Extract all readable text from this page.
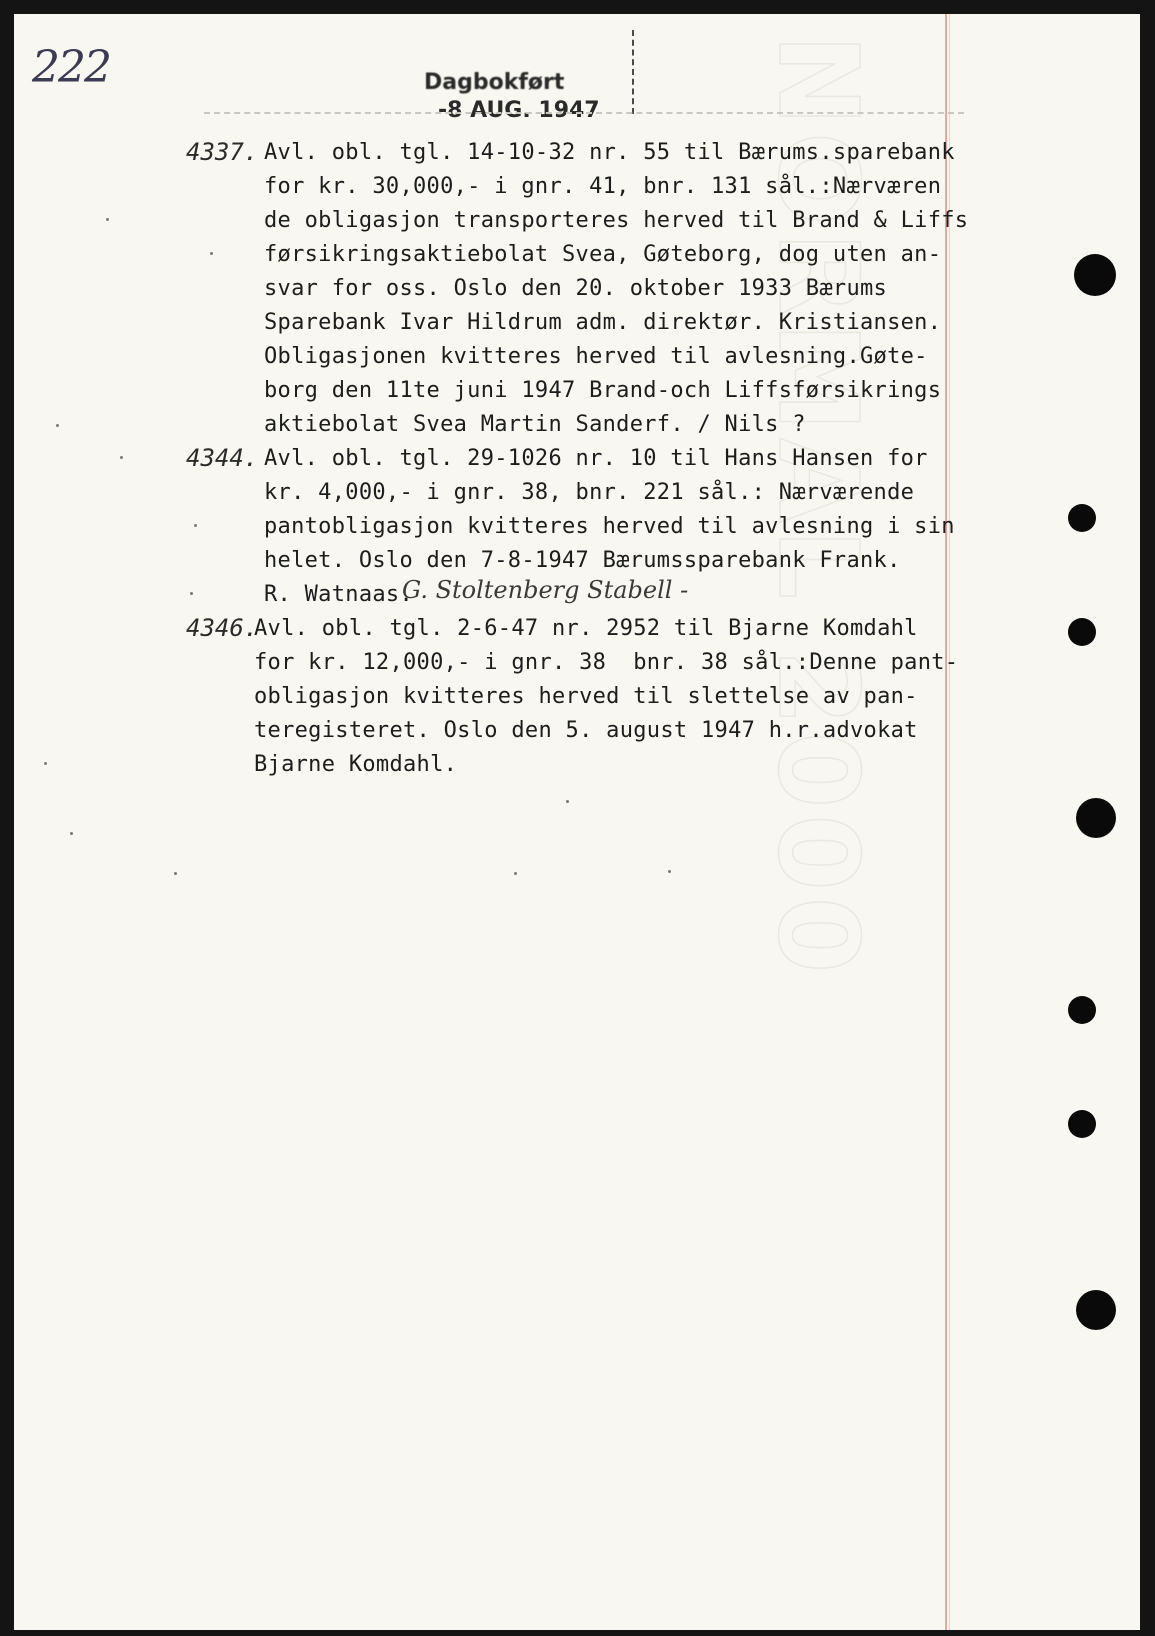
NORMAL 2000
222	Dagbokført
-8 AUG. 1947
4337. Avl. obl. tgl. 14-10-32 nr. 55 til Bærums.sparebank
for kr. 30,000,- i gnr. 41, bnr. 131 sål.:Nærværen
de obligasjon transporteres herved til Brand & Liffs
førsikringsaktiebolat Svea, Gøteborg, dog uten an-
svar for oss. Oslo den 20. oktober 1933 Bærums
Sparebank Ivar Hildrum adm. direktør. Kristiansen.
Obligasjonen kvitteres herved til avlesning.Gøte-
borg den 11te juni 1947 Brand-och Liffsførsikrings
aktiebolat Svea Martin Sanderf. / Nils ?
4344. Avl. obl. tgl. 29-1026 nr. 10 til Hans Hansen for
kr. 4,000,- i gnr. 38, bnr. 221 sål.: Nærværende
pantobligasjon kvitteres herved til avlesning i sin
helet. Oslo den 7-8-1947 Bærumssparebank Frank.
R. Watnaas.
G. Stoltenberg Stabell -
4346.
Avl. obl. tgl. 2-6-47 nr. 2952 til Bjarne Komdahl
for kr. 12,000,- i gnr. 38  bnr. 38 sål.:Denne pant-
obligasjon kvitteres herved til slettelse av pan-
teregisteret. Oslo den 5. august 1947 h.r.advokat
Bjarne Komdahl.
